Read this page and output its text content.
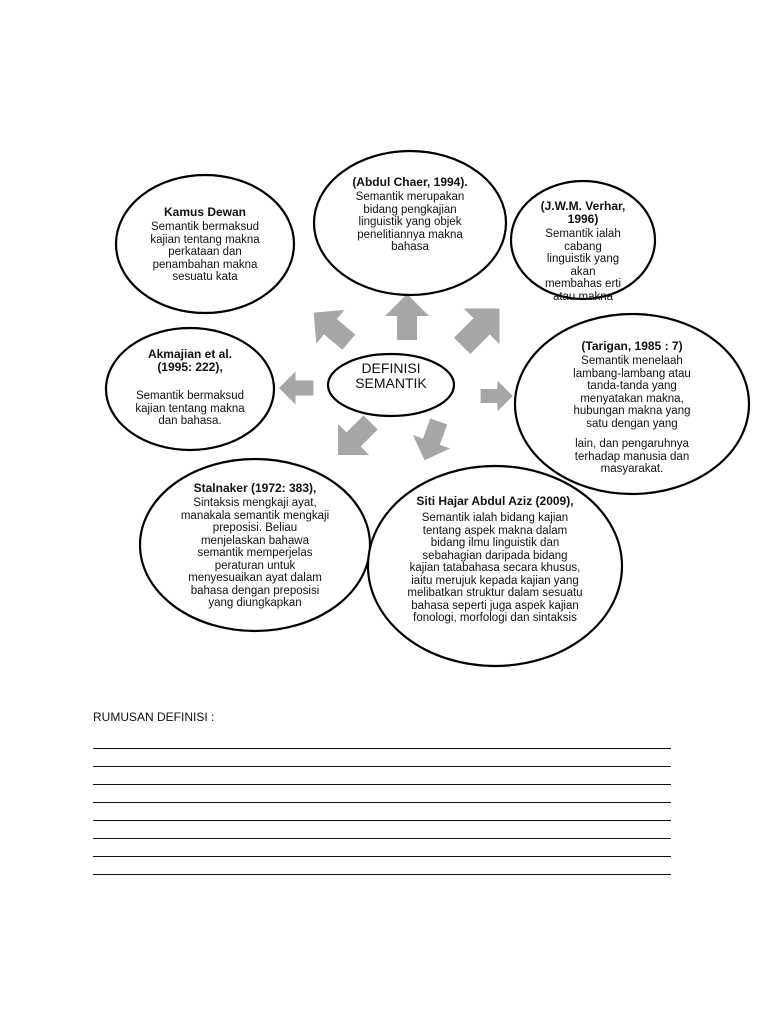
DEFINISI
SEMANTIK
(Abdul Chaer, 1994).
Semantik merupakan bidang pengkajian linguistik yang objek penelitiannya makna bahasa
Kamus Dewan
Semantik bermaksud kajian tentang makna perkataan dan penambahan makna sesuatu kata
(J.W.M. Verhar, 1996)
Semantik ialah cabang linguistik yang akan membahas erti atau makna
Akmajian et al. (1995: 222),
Semantik bermaksud kajian tentang makna dan bahasa.
(Tarigan, 1985 : 7)
Semantik menelaah lambang-lambang atau tanda-tanda yang menyatakan makna, hubungan makna yang satu dengan yang
lain, dan pengaruhnya terhadap manusia dan masyarakat.
Stalnaker (1972: 383),
Sintaksis mengkaji ayat, manakala semantik mengkaji preposisi. Beliau menjelaskan bahawa semantik memperjelas peraturan untuk menyesuaikan ayat dalam bahasa dengan preposisi yang diungkapkan
Siti Hajar Abdul Aziz (2009),
Semantik ialah bidang kajian tentang aspek makna dalam bidang ilmu linguistik dan sebahagian daripada bidang kajian tatabahasa secara khusus, iaitu merujuk kepada kajian yang melibatkan struktur dalam sesuatu bahasa seperti juga aspek kajian fonologi, morfologi dan sintaksis
RUMUSAN DEFINISI :
